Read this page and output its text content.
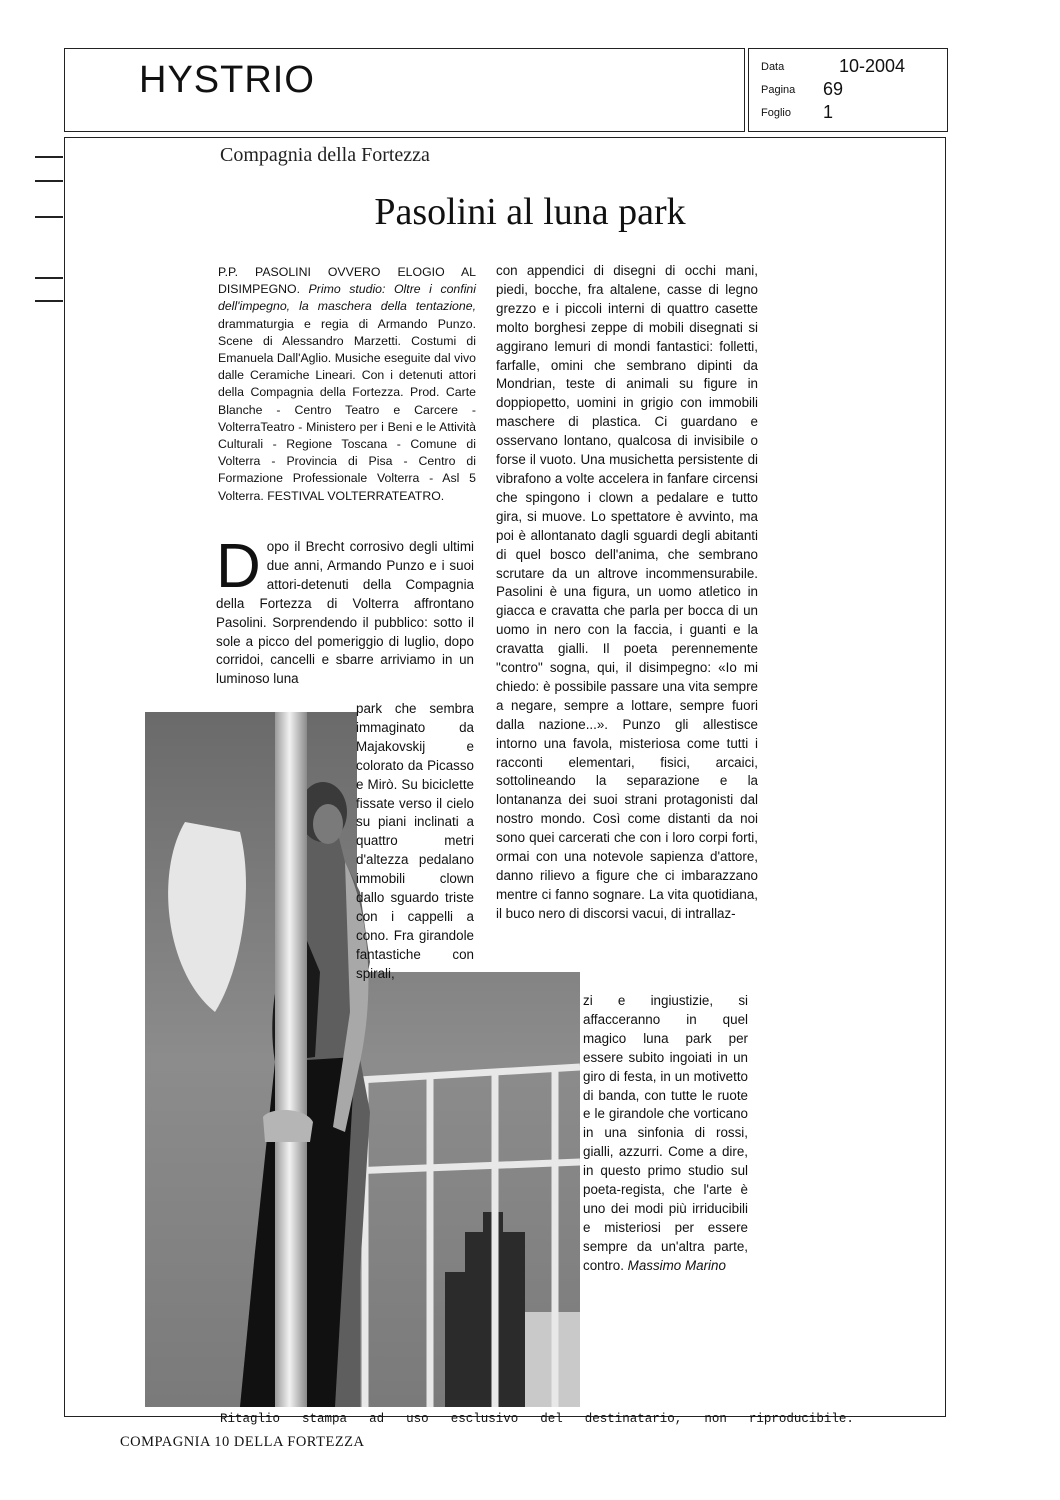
HYSTRIO	Data	10-2004
Pagina 69
Foglio 1
Compagnia della Fortezza
Pasolini al luna park
P.P. PASOLINI OVVERO ELOGIO AL DISIMPEGNO. Primo studio: Oltre i confini dell'impegno, la maschera della tentazione, drammaturgia e regia di Armando Punzo. Scene di Alessandro Marzetti. Costumi di Emanuela Dall'Aglio. Musiche eseguite dal vivo dalle Ceramiche Lineari. Con i detenuti attori della Compagnia della Fortezza. Prod. Carte Blanche - Centro Teatro e Carcere - VolterraTeatro - Ministero per i Beni e le Attività Culturali - Regione Toscana - Comune di Volterra - Provincia di Pisa - Centro di Formazione Professionale Volterra - Asl 5 Volterra. FESTIVAL VOLTERRATEATRO.
Dopo il Brecht corrosivo degli ultimi due anni, Armando Punzo e i suoi attori-detenuti della Compagnia della Fortezza di Volterra affrontano Pasolini. Sorprendendo il pubblico: sotto il sole a picco del pomeriggio di luglio, dopo corridoi, cancelli e sbarre arriviamo in un luminoso luna
park che sembra immaginato da Majakovskij e colorato da Picasso e Mirò. Su biciclette fissate verso il cielo su piani inclinati a quattro metri d'altezza pedalano immobili clown dallo sguardo triste con i cappelli a cono. Fra girandole fantastiche con spirali,
con appendici di disegni di occhi mani, piedi, bocche, fra altalene, casse di legno grezzo e i piccoli interni di quattro casette molto borghesi zeppe di mobili disegnati si aggirano lemuri di mondi fantastici: folletti, farfalle, omini che sembrano dipinti da Mondrian, teste di animali su figure in doppiopetto, uomini in grigio con immobili maschere di plastica. Ci guardano e osservano lontano, qualcosa di invisibile o forse il vuoto. Una musichetta persistente di vibrafono a volte accelera in fanfare circensi che spingono i clown a pedalare e tutto gira, si muove. Lo spettatore è avvinto, ma poi è allontanato dagli sguardi degli abitanti di quel bosco dell'anima, che sembrano scrutare da un altrove incommensurabile. Pasolini è una figura, un uomo atletico in giacca e cravatta che parla per bocca di un uomo in nero con la faccia, i guanti e la cravatta gialli. Il poeta perennemente "contro" sogna, qui, il disimpegno: «Io mi chiedo: è possibile passare una vita sempre a negare, sempre a lottare, sempre fuori dalla nazione...». Punzo gli allestisce intorno una favola, misteriosa come tutti i racconti elementari, fisici, arcaici, sottolineando la separazione e la lontananza dei suoi strani protagonisti dal nostro mondo. Così come distanti da noi sono quei carcerati che con i loro corpi forti, ormai con una notevole sapienza d'attore, danno rilievo a figure che ci imbarazzano mentre ci fanno sognare. La vita quotidiana, il buco nero di discorsi vacui, di intrallaz-
zi e ingiustizie, si affacceranno in quel magico luna park per essere subito ingoiati in un giro di festa, in un motivetto di banda, con tutte le ruote e le girandole che vorticano in una sinfonia di rossi, gialli, azzurri. Come a dire, in questo primo studio sul poeta-regista, che l'arte è uno dei modi più irriducibili e misteriosi per essere sempre da un'altra parte, contro. Massimo Marino
Ritaglio stampa ad uso esclusivo del destinatario, non riproducibile.
COMPAGNIA 10 DELLA FORTEZZA
